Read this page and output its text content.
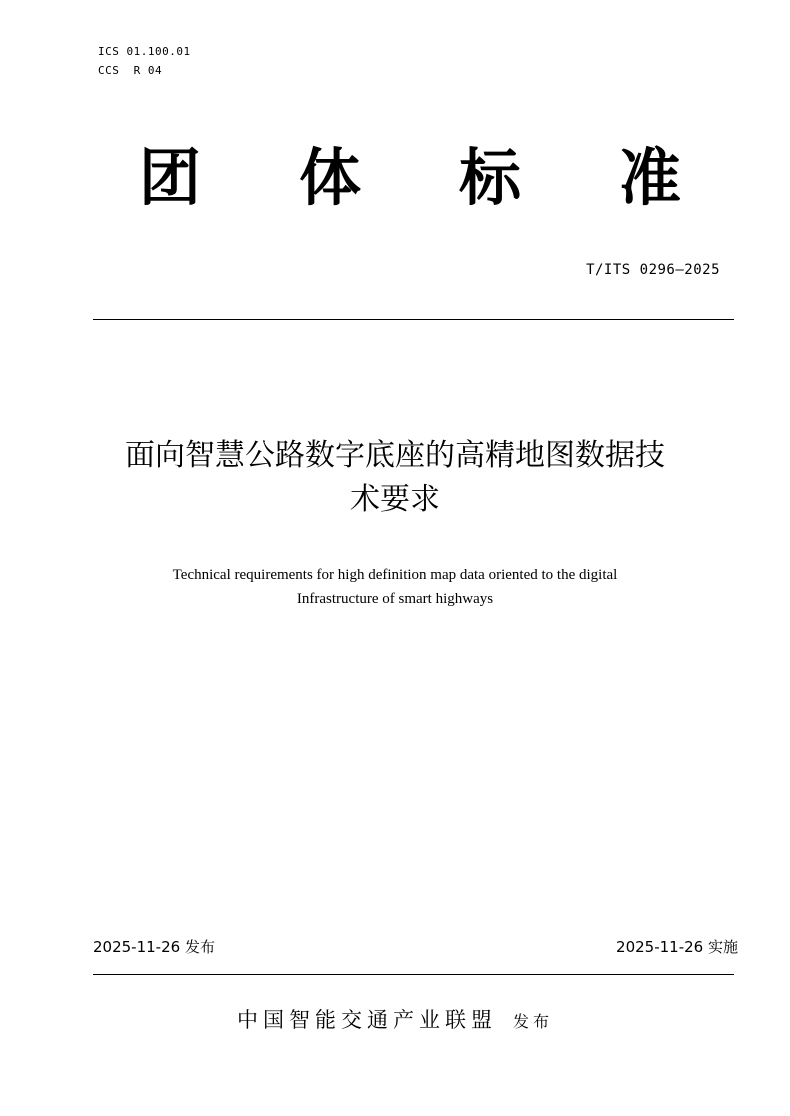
ICS 01.100.01
CCS  R 04
团 体 标 准
T/ITS 0296—2025
面向智慧公路数字底座的高精地图数据技
术要求
Technical requirements for high definition map data oriented to the digital
Infrastructure of smart highways
2025-11-26 发布	2025-11-26 实施
中国智能交通产业联盟 发布
